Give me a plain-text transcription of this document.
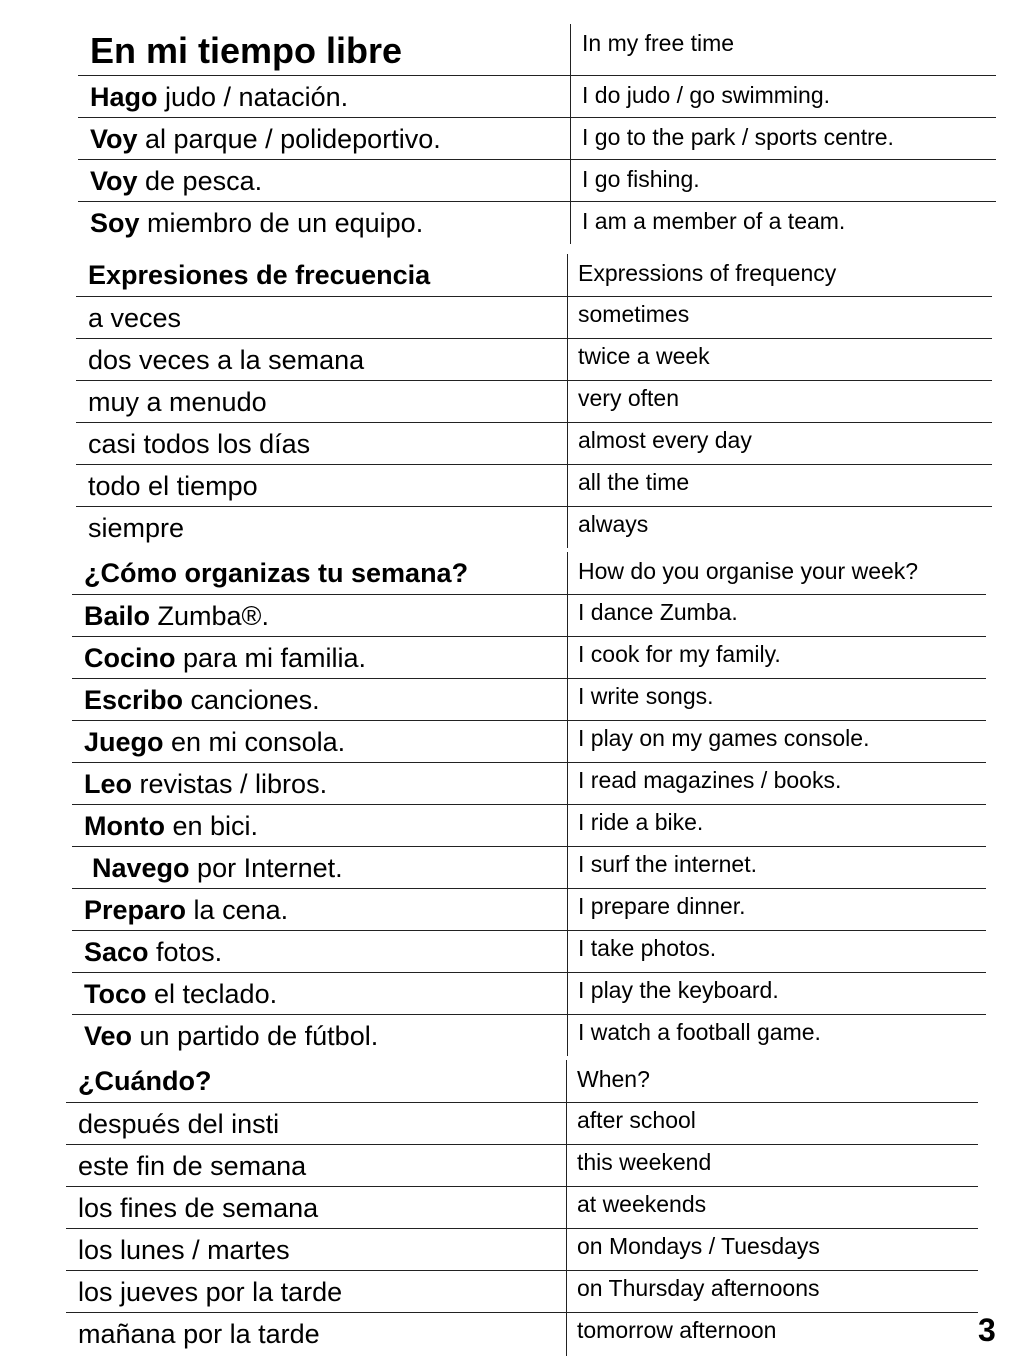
En mi tiempo libre	In my free time
Hago judo / natación.	I do judo / go swimming.
Voy al parque / polideportivo.	I go to the park / sports centre.
Voy de pesca.	I go fishing.
Soy miembro de un equipo.	I am a member of a team.
Expresiones de frecuencia	Expressions of frequency
a veces	sometimes
dos veces a la semana	twice a week
muy a menudo	very often
casi todos los días	almost every day
todo el tiempo	all the time
siempre	always
¿Cómo organizas tu semana?	How do you organise your week?
Bailo Zumba®.	I dance Zumba.
Cocino para mi familia.	I cook for my family.
Escribo canciones.	I write songs.
Juego en mi consola.	I play on my games console.
Leo revistas / libros.	I read magazines / books.
Monto en bici.	I ride a bike.
Navego por Internet.	I surf the internet.
Preparo la cena.	I prepare dinner.
Saco fotos.	I take photos.
Toco el teclado.	I play the keyboard.
Veo un partido de fútbol.	I watch a football game.
¿Cuándo?	When?
después del insti	after school
este fin de semana	this weekend
los fines de semana	at weekends
los lunes / martes	on Mondays / Tuesdays
los jueves por la tarde	on Thursday afternoons
mañana por la tarde	tomorrow afternoon	3
